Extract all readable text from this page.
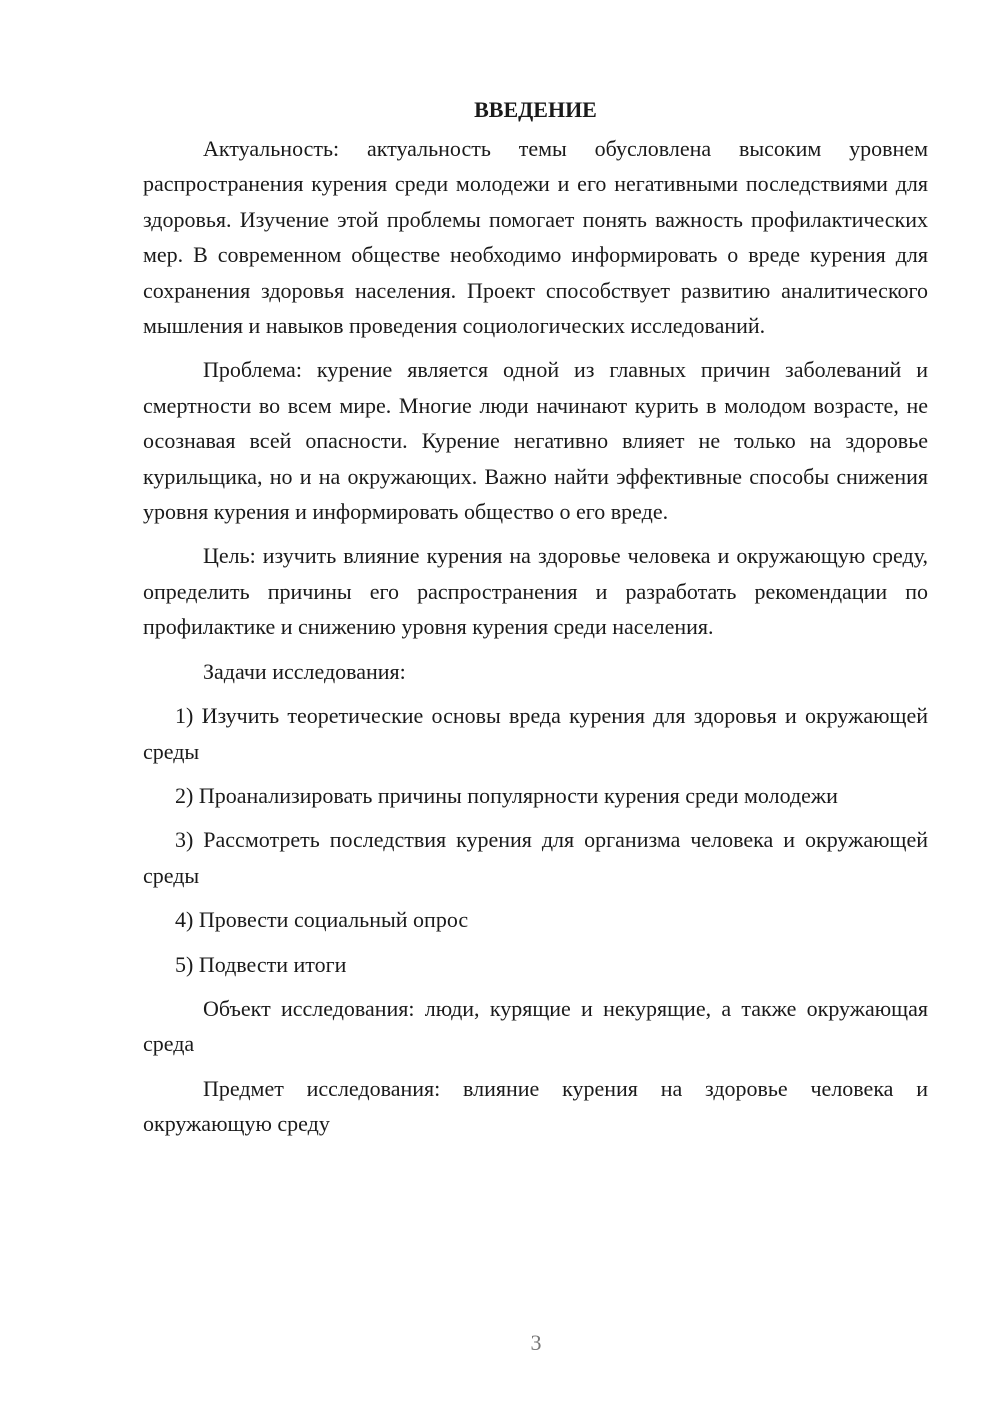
ВВЕДЕНИЕ
Актуальность: актуальность темы обусловлена высоким уровнем распространения курения среди молодежи и его негативными последствиями для здоровья. Изучение этой проблемы помогает понять важность профилактических мер. В современном обществе необходимо информировать о вреде курения для сохранения здоровья населения. Проект способствует развитию аналитического мышления и навыков проведения социологических исследований.
Проблема: курение является одной из главных причин заболеваний и смертности во всем мире. Многие люди начинают курить в молодом возрасте, не осознавая всей опасности. Курение негативно влияет не только на здоровье курильщика, но и на окружающих. Важно найти эффективные способы снижения уровня курения и информировать общество о его вреде.
Цель: изучить влияние курения на здоровье человека и окружающую среду, определить причины его распространения и разработать рекомендации по профилактике и снижению уровня курения среди населения.
Задачи исследования:
1) Изучить теоретические основы вреда курения для здоровья и окружающей среды
2) Проанализировать причины популярности курения среди молодежи
3) Рассмотреть последствия курения для организма человека и окружающей среды
4) Провести социальный опрос
5) Подвести итоги
Объект исследования: люди, курящие и некурящие, а также окружающая среда
Предмет исследования: влияние курения на здоровье человека и окружающую среду
3
